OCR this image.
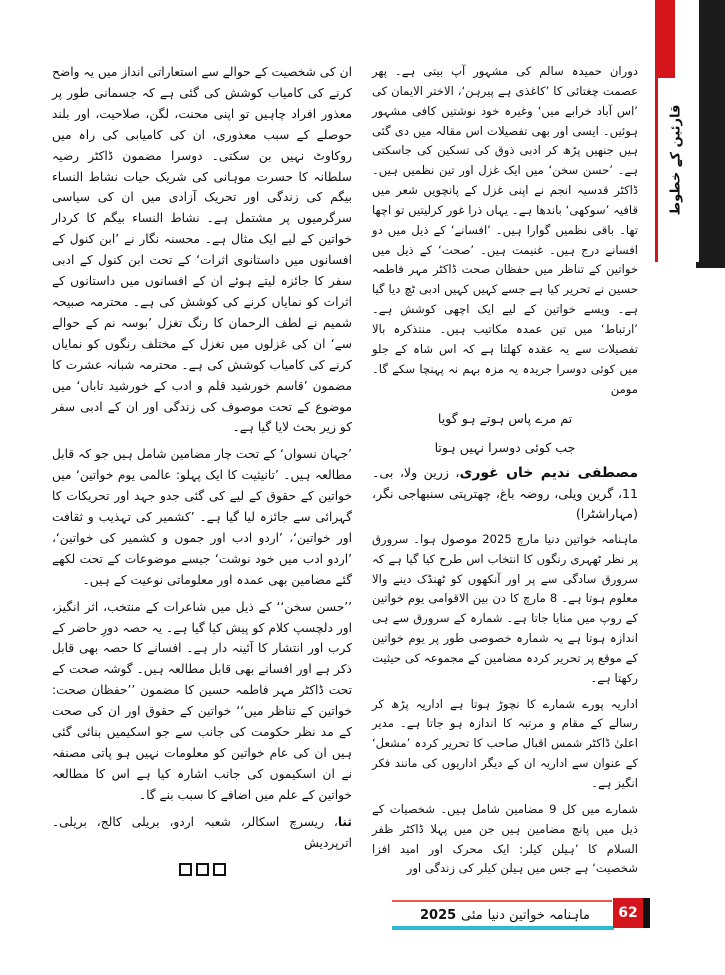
قارئین کے خطوط

دوران حمیدہ سالم کی مشہور آپ بیتی ہے۔ پھر عصمت چغتائی کا ’کاغذی ہے پیرہن‘، الاختر الایمان کی ’اس آباد خرابے میں‘ وغیرہ خود نوشتیں کافی مشہور ہوئیں۔ ایسی اور بھی تفصیلات اس مقالہ میں دی گئی ہیں جنھیں پڑھ کر ادبی ذوق کی تسکین کی جاسکتی ہے۔ ’حسن سخن‘ میں ایک غزل اور تین نظمیں ہیں۔ ڈاکٹر قدسیہ انجم نے اپنی غزل کے پانچویں شعر میں قافیہ ’سوکھی‘ باندھا ہے۔ یہاں ذرا غور کرلیتیں تو اچھا تھا۔ باقی نظمیں گوارا ہیں۔ ’افسانے‘ کے ذیل میں دو افسانے درج ہیں۔ غنیمت ہیں۔ ’صحت‘ کے ذیل میں خواتین کے تناظر میں حفظان صحت ڈاکٹر مہر فاطمہ حسین نے تحریر کیا ہے جسے کہیں کہیں ادبی ٹچ دیا گیا ہے۔ ویسے خواتین کے لیے ایک اچھی کوشش ہے۔ ’ارتباط‘ میں تین عمدہ مکاتیب ہیں۔ منتذکرہ بالا تفصیلات سے یہ عقدہ کھلتا ہے کہ اس شاہ کے جلو میں کوئی دوسرا جریدہ یہ مزہ بہم نہ پہنچا سکے گا۔ مومن

تم مرے پاس ہوتے ہو گویا
جب کوئی دوسرا نہیں ہوتا

مصطفی ندیم خاں غوری، زرین ولا، بی۔11، گرین ویلی، روضہ باغ، چھترپتی سنبھاجی نگر، (مہاراشٹرا)

ماہنامہ خواتین دنیا مارچ 2025 موصول ہوا۔ سرورق پر نظر ٹھہری رنگوں کا انتخاب اس طرح کیا گیا ہے کہ سرورق سادگی سے پر اور آنکھوں کو ٹھنڈک دینے والا معلوم ہوتا ہے۔ 8 مارچ کا دن بین الاقوامی یوم خواتین کے روپ میں منایا جاتا ہے۔ شمارہ کے سرورق سے ہی اندازہ ہوتا ہے یہ شمارہ خصوصی طور پر یوم خواتین کے موقع پر تحریر کردہ مضامین کے مجموعہ کی حیثیت رکھتا ہے۔

اداریہ پورے شمارے کا نچوڑ ہوتا ہے اداریہ پڑھ کر رسالے کے مقام و مرتبہ کا اندازہ ہو جاتا ہے۔ مدیر اعلیٰ ڈاکٹر شمس اقبال صاحب کا تحریر کردہ ’مشعل‘ کے عنوان سے اداریہ ان کے دیگر اداریوں کی مانند فکر انگیز ہے۔

شمارے میں کل 9 مضامین شامل ہیں۔ شخصیات کے ذیل میں پانچ مضامین ہیں جن میں پہلا ڈاکٹر ظفر السلام کا ’ہیلن کیلر: ایک محرک اور امید افزا شخصیت‘ ہے جس میں ہیلن کیلر کی زندگی اور

ان کی شخصیت کے حوالے سے استعاراتی انداز میں یہ واضح کرنے کی کامیاب کوشش کی گئی ہے کہ جسمانی طور پر معذور افراد چاہیں تو اپنی محنت، لگن، صلاحیت، اور بلند حوصلے کے سبب معذوری، ان کی کامیابی کی راہ میں روکاوٹ نہیں بن سکتی۔ دوسرا مضمون ڈاکٹر رضیہ سلطانہ کا حسرت موہانی کی شریک حیات نشاط النساء بیگم کی زندگی اور تحریک آزادی میں ان کی سیاسی سرگرمیوں پر مشتمل ہے۔ نشاط النساء بیگم کا کردار خواتین کے لیے ایک مثال ہے۔ محسنہ نگار نے ’ابن کنول کے افسانوں میں داستانوی اثرات‘ کے تحت ابن کنول کے ادبی سفر کا جائزہ لیتے ہوئے ان کے افسانوں میں داستانوں کے اثرات کو نمایاں کرنے کی کوشش کی ہے۔ محترمہ صبیحہ شمیم نے لطف الرحمان کا رنگ تغزل ’بوسہ نم کے حوالے سے‘ ان کی غزلوں میں تغزل کے مختلف رنگوں کو نمایاں کرنے کی کامیاب کوشش کی ہے۔ محترمہ شبانہ عشرت کا مضمون ’قاسم خورشید قلم و ادب کے خورشید تاباں‘ میں موضوع کے تحت موصوف کی زندگی اور ان کے ادبی سفر کو زیر بحث لایا گیا ہے۔

’جہان نسواں‘ کے تحت چار مضامین شامل ہیں جو کہ قابل مطالعہ ہیں۔ ’تانیثیت کا ایک پہلو: عالمی یوم خواتین‘ میں خواتین کے حقوق کے لیے کی گئی جدو جہد اور تحریکات کا گہرائی سے جائزہ لیا گیا ہے۔ ’کشمیر کی تہذیب و ثقافت اور خواتین‘، ’اردو ادب اور جموں و کشمیر کی خواتین‘، ’اردو ادب میں خود نوشت‘ جیسے موضوعات کے تحت لکھے گئے مضامین بھی عمدہ اور معلوماتی نوعیت کے ہیں۔

’’حسن سخن‘‘ کے ذیل میں شاعرات کے منتخب، اثر انگیز، اور دلچسپ کلام کو پیش کیا گیا ہے۔ یہ حصہ دورِ حاضر کے کرب اور انتشار کا آئینہ دار ہے۔ افسانے کا حصہ بھی قابل ذکر ہے اور افسانے بھی قابل مطالعہ ہیں۔ گوشہ صحت کے تحت ڈاکٹر مہر فاطمہ حسین کا مضمون ’’حفظان صحت: خواتین کے تناظر میں‘‘ خواتین کے حقوق اور ان کی صحت کے مد نظر حکومت کی جانب سے جو اسکیمیں بنائی گئی ہیں ان کی عام خواتین کو معلومات نہیں ہو پاتی مصنفہ نے ان اسکیموں کی جانب اشارہ کیا ہے اس کا مطالعہ خواتین کے علم میں اضافے کا سبب بنے گا۔

ثنا، ریسرچ اسکالر، شعبہ اردو، بریلی کالج، بریلی۔ اترپردیش

ماہنامہ خواتین دنیا
مئی
2025	62
